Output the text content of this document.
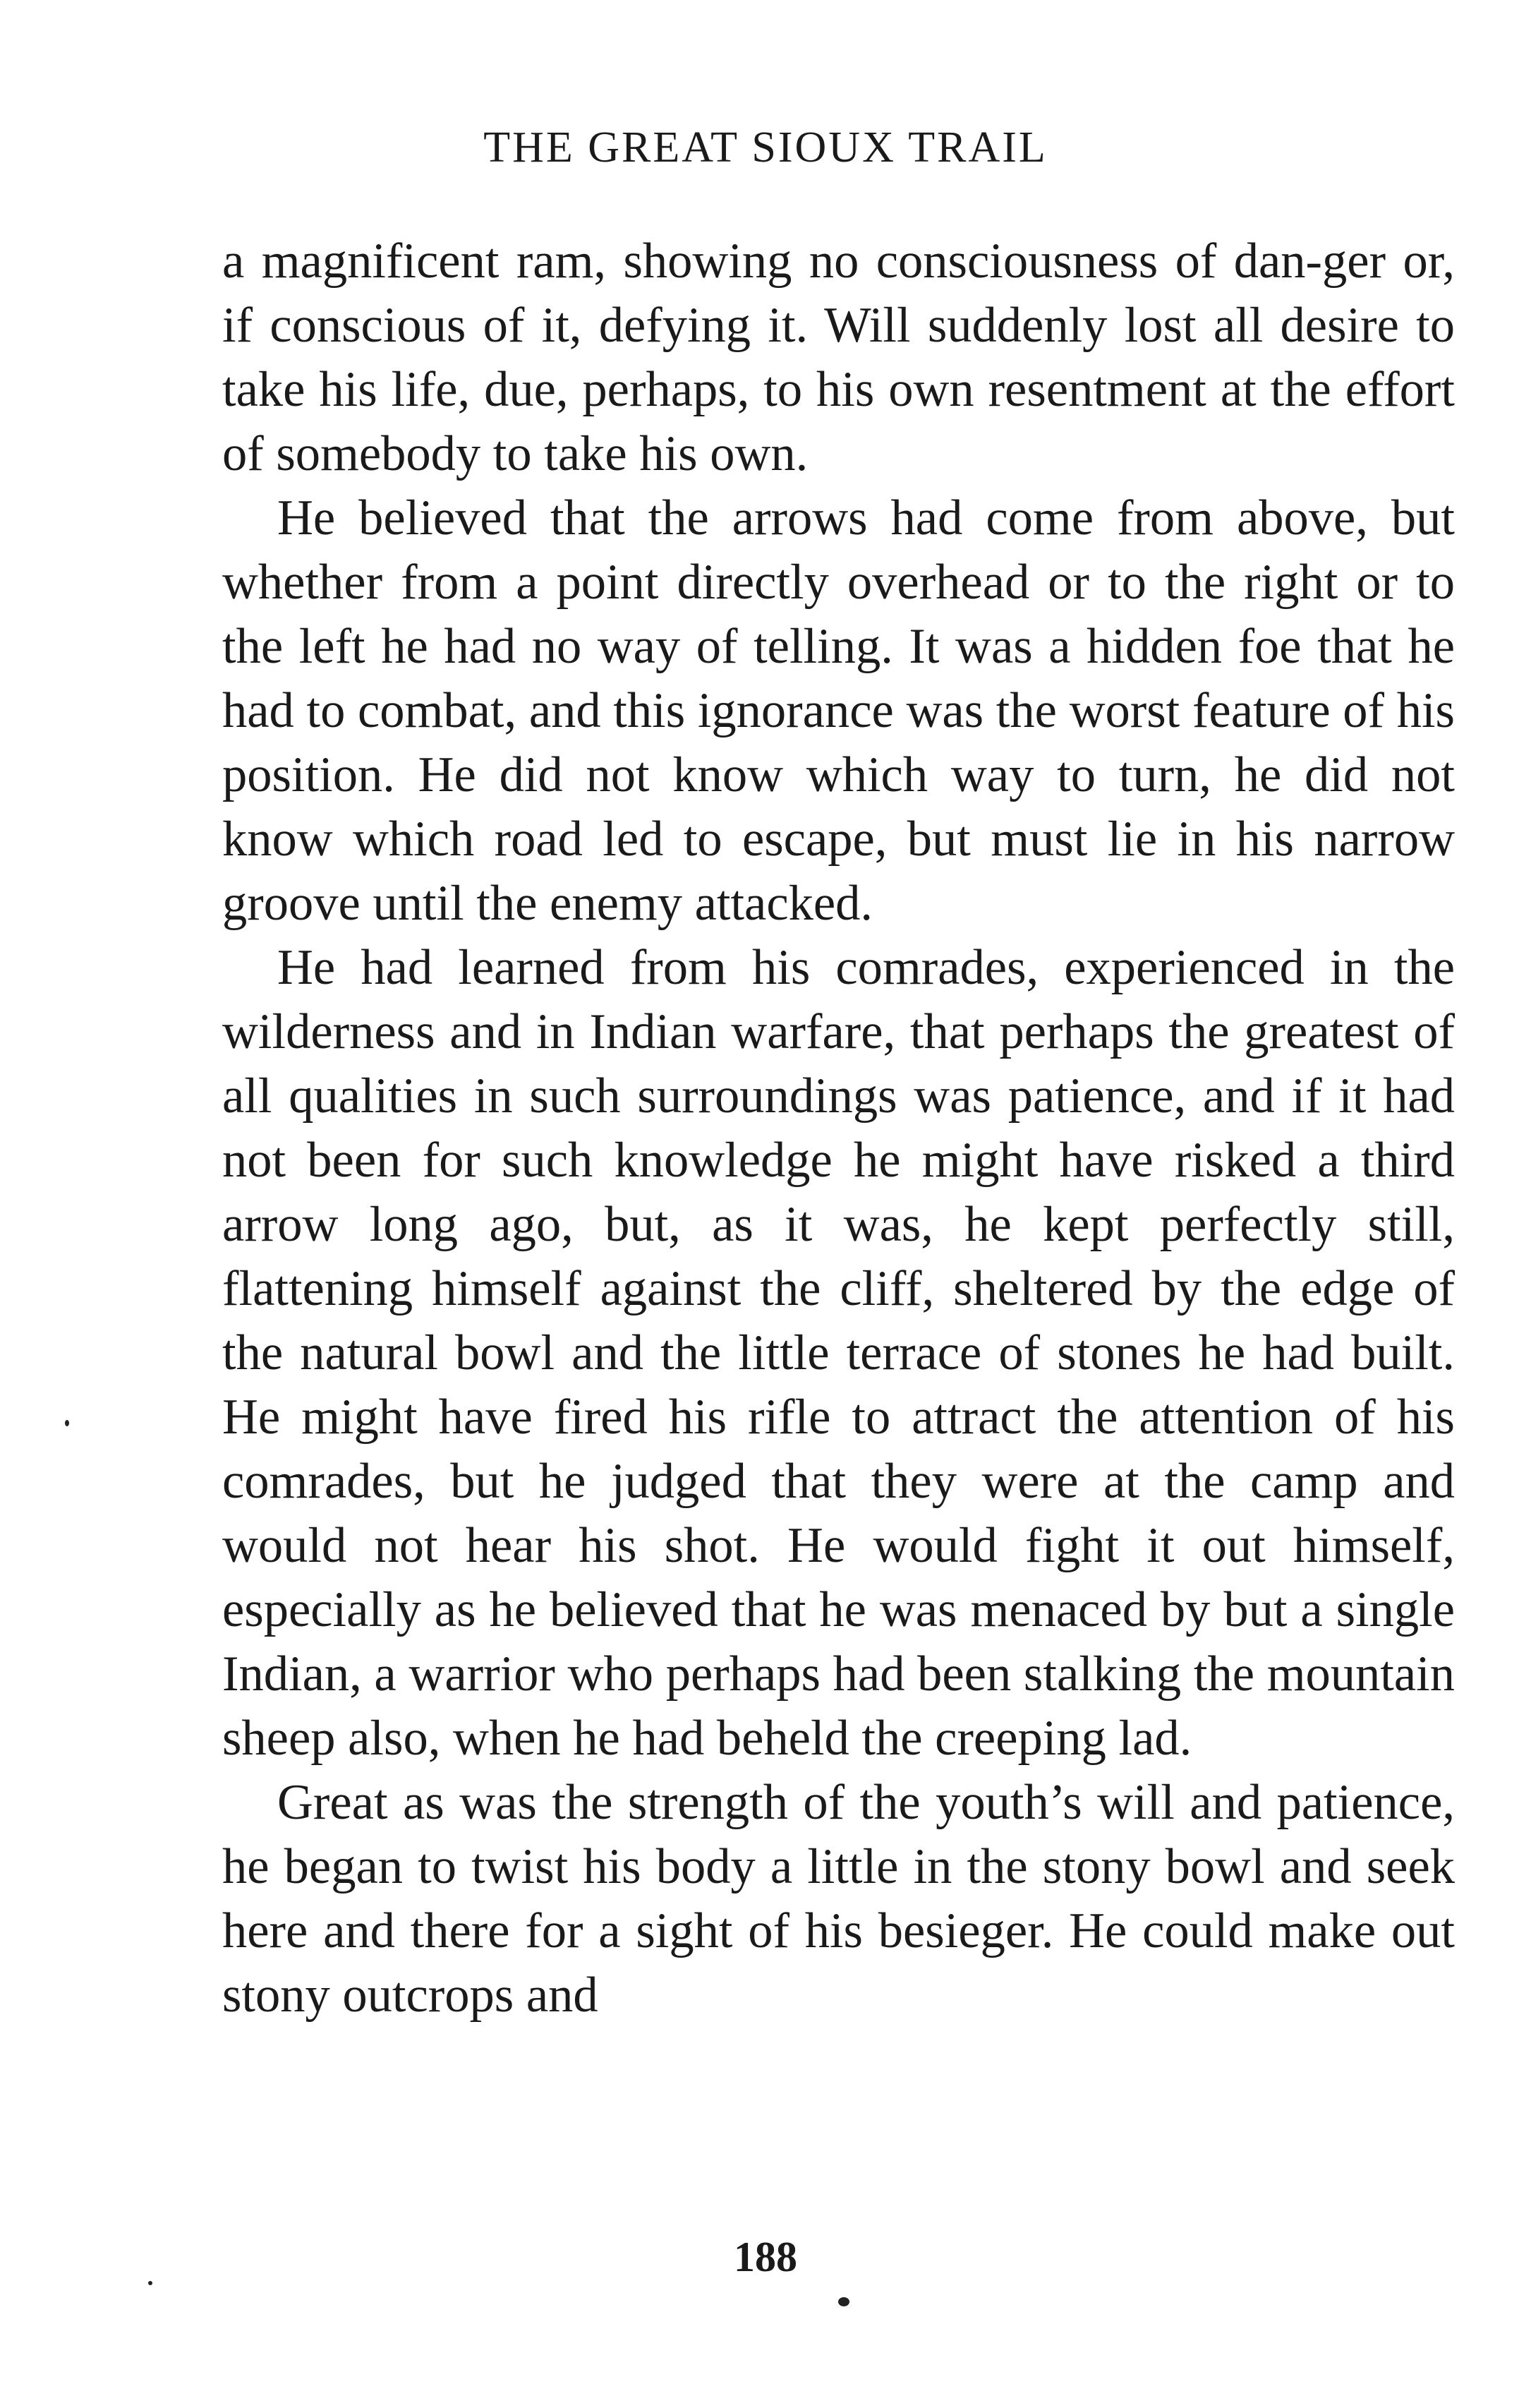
THE GREAT SIOUX TRAIL

a magnificent ram, showing no consciousness of dan-ger or, if conscious of it, defying it. Will suddenly lost all desire to take his life, due, perhaps, to his own resentment at the effort of somebody to take his own.

He believed that the arrows had come from above, but whether from a point directly overhead or to the right or to the left he had no way of telling. It was a hidden foe that he had to combat, and this ignorance was the worst feature of his position. He did not know which way to turn, he did not know which road led to escape, but must lie in his narrow groove until the enemy attacked.

He had learned from his comrades, experienced in the wilderness and in Indian warfare, that perhaps the greatest of all qualities in such surroundings was patience, and if it had not been for such knowledge he might have risked a third arrow long ago, but, as it was, he kept perfectly still, flattening himself against the cliff, sheltered by the edge of the natural bowl and the little terrace of stones he had built. He might have fired his rifle to attract the attention of his comrades, but he judged that they were at the camp and would not hear his shot. He would fight it out himself, especially as he believed that he was menaced by but a single Indian, a warrior who perhaps had been stalking the mountain sheep also, when he had beheld the creeping lad.

Great as was the strength of the youth’s will and patience, he began to twist his body a little in the stony bowl and seek here and there for a sight of his besieger. He could make out stony outcrops and

188
